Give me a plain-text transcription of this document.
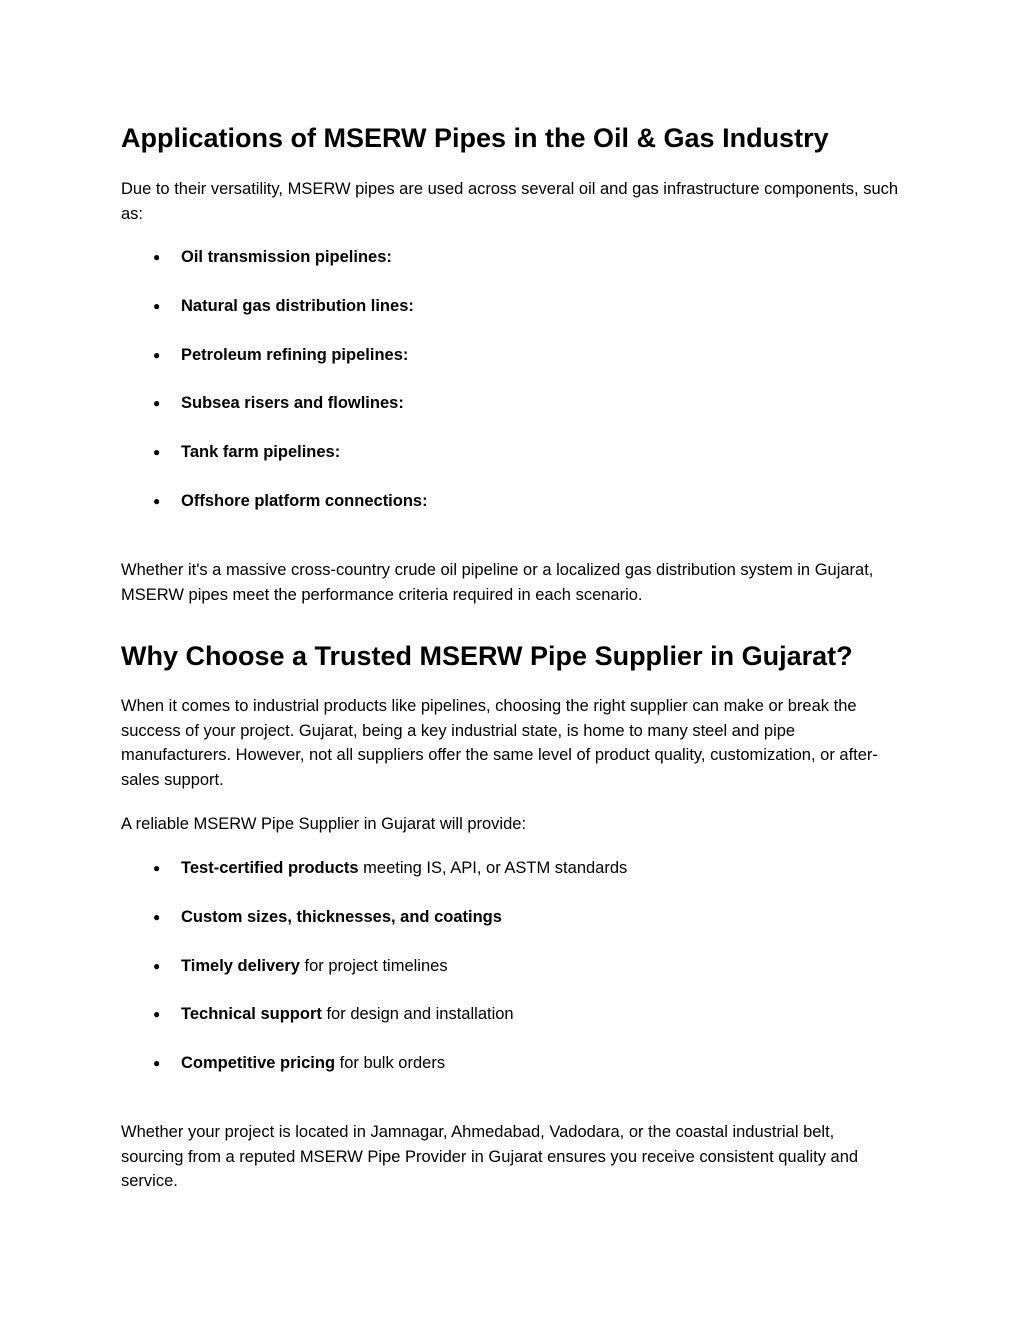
Applications of MSERW Pipes in the Oil & Gas Industry

Due to their versatility, MSERW pipes are used across several oil and gas infrastructure components, such as:

● Oil transmission pipelines:
● Natural gas distribution lines:
● Petroleum refining pipelines:
● Subsea risers and flowlines:
● Tank farm pipelines:
● Offshore platform connections:

Whether it's a massive cross-country crude oil pipeline or a localized gas distribution system in Gujarat, MSERW pipes meet the performance criteria required in each scenario.

Why Choose a Trusted MSERW Pipe Supplier in Gujarat?

When it comes to industrial products like pipelines, choosing the right supplier can make or break the success of your project. Gujarat, being a key industrial state, is home to many steel and pipe manufacturers. However, not all suppliers offer the same level of product quality, customization, or after-sales support.

A reliable MSERW Pipe Supplier in Gujarat will provide:

● Test-certified products meeting IS, API, or ASTM standards
● Custom sizes, thicknesses, and coatings
● Timely delivery for project timelines
● Technical support for design and installation
● Competitive pricing for bulk orders

Whether your project is located in Jamnagar, Ahmedabad, Vadodara, or the coastal industrial belt, sourcing from a reputed MSERW Pipe Provider in Gujarat ensures you receive consistent quality and service.
